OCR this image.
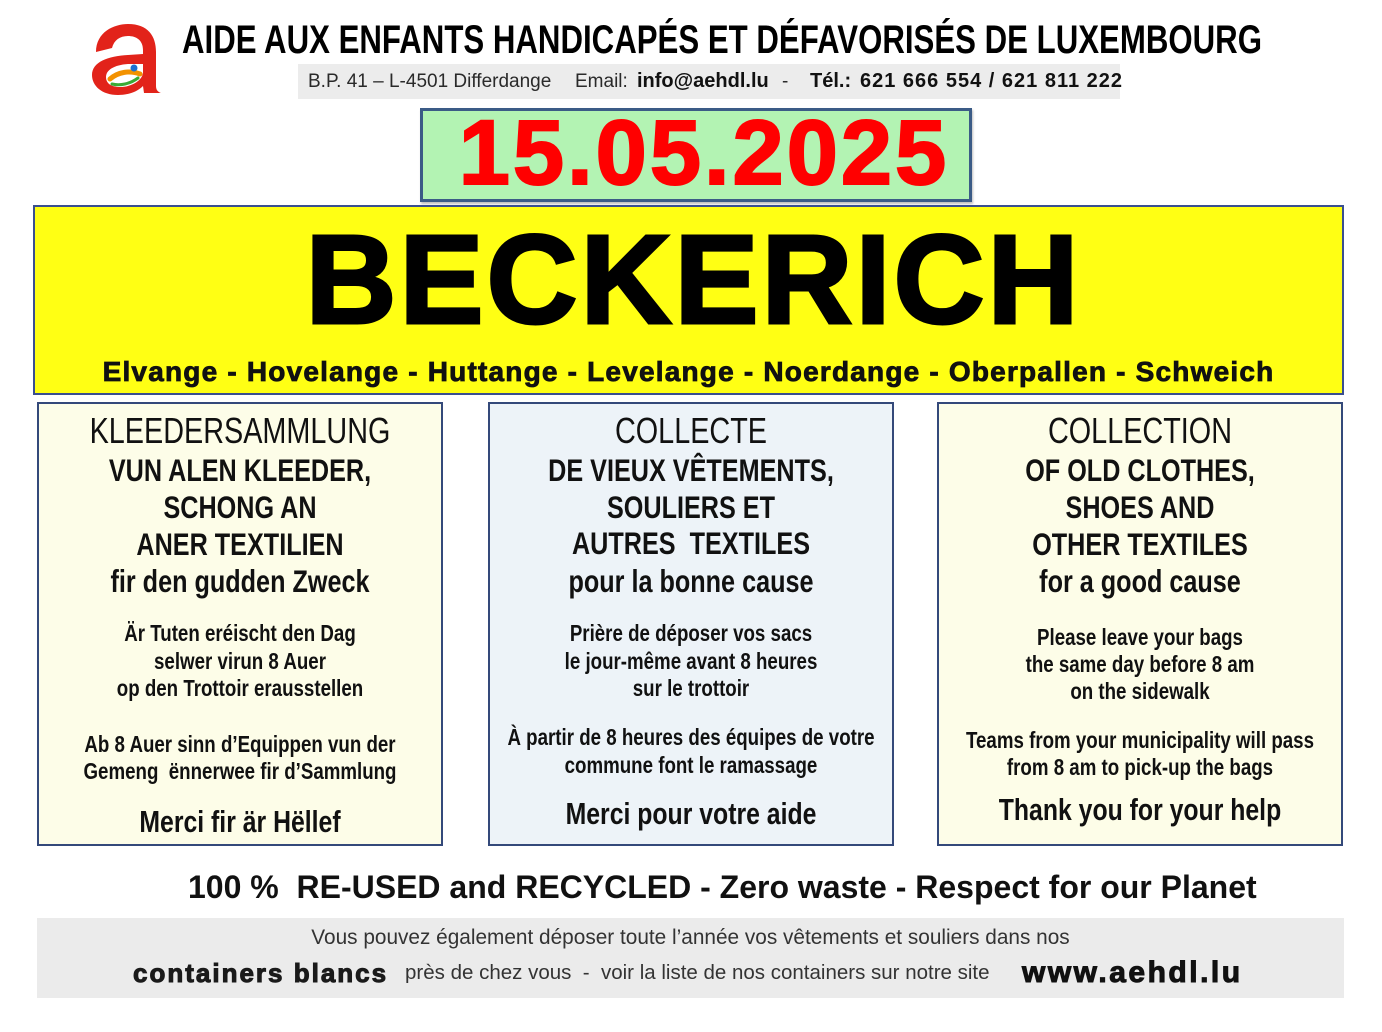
AIDE AUX ENFANTS HANDICAPÉS ET DÉFAVORISÉS DE LUXEMBOURG
B.P. 41 – L-4501 Differdange Email: info@aehdl.lu - Tél.: 621 666 554 / 621 811 222
15.05.2025
BECKERICH
Elvange - Hovelange - Huttange - Levelange - Noerdange - Oberpallen - Schweich
KLEEDERSAMMLUNG
VUN ALEN KLEEDER,
SCHONG AN
ANER TEXTILIEN
fir den gudden Zweck
Är Tuten eréischt den Dag
selwer virun 8 Auer
op den Trottoir erausstellen
Ab 8 Auer sinn d’Equippen vun der
Gemeng  ënnerwee fir d’Sammlung
Merci fir är Hëllef
COLLECTE
DE VIEUX VÊTEMENTS,
SOULIERS ET
AUTRES  TEXTILES
pour la bonne cause
Prière de déposer vos sacs
le jour-même avant 8 heures
sur le trottoir
À partir de 8 heures des équipes de votre
commune font le ramassage
Merci pour votre aide
COLLECTION
OF OLD CLOTHES,
SHOES AND
OTHER TEXTILES
for a good cause
Please leave your bags
the same day before 8 am
on the sidewalk
Teams from your municipality will pass
from 8 am to pick-up the bags
Thank you for your help
100 %  RE-USED and RECYCLED - Zero waste - Respect for our Planet
Vous pouvez également déposer toute l’année vos vêtements et souliers dans nos
containers blancs près de chez vous  -  voir la liste de nos containers sur notre site www.aehdl.lu
